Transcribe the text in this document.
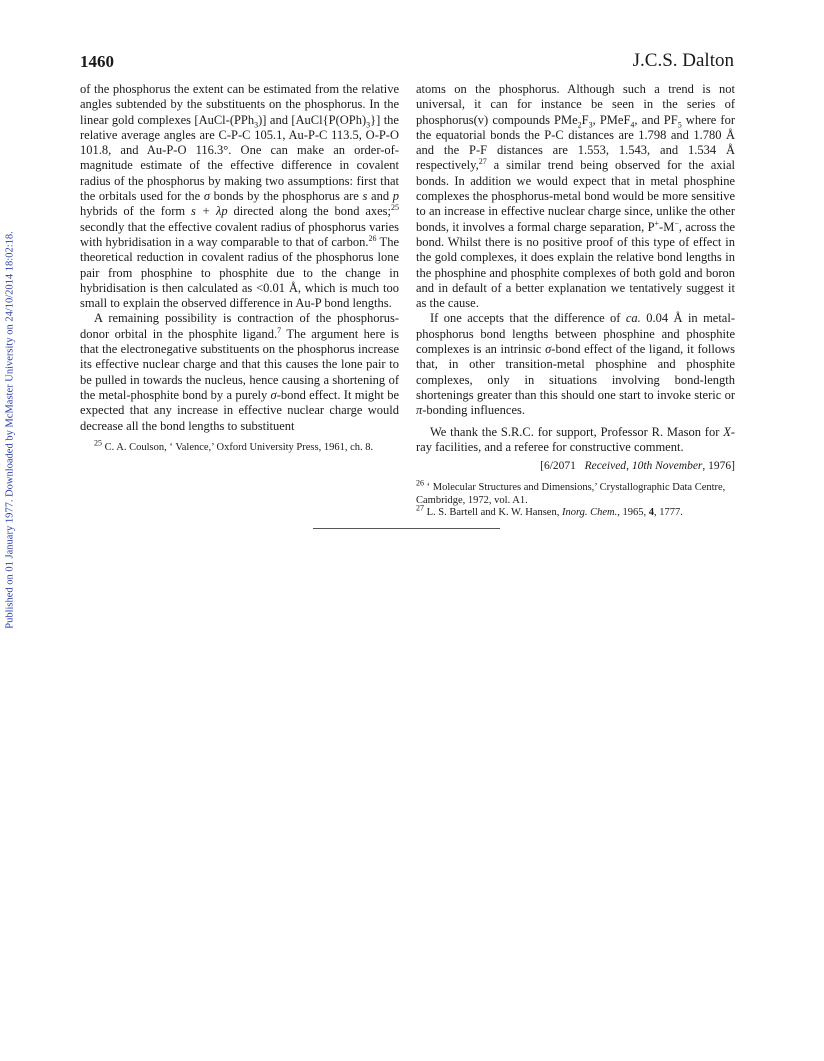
Published on 01 January 1977. Downloaded by McMaster University on 24/10/2014 18:02:18.
1460	J.C.S. Dalton

of the phosphorus the extent can be estimated from the relative angles subtended by the substituents on the phosphorus. In the linear gold complexes [AuCl-(PPh$_3$)] and $[AuCl\{P(OPh)_3\}]$ the relative average angles are C-P-C 105.1, Au-P-C 113.5, O-P-O 101.8, and Au-P-O 116.3°. One can make an order-of-magnitude estimate of the effective difference in covalent radius of the phosphorus by making two assumptions: first that the orbitals used for the σ bonds by the phosphorus are s and p hybrids of the form s + λp directed along the bond axes;$^{25}$ secondly that the effective covalent radius of phosphorus varies with hybridisation in a way comparable to that of carbon.$^{26}$ The theoretical reduction in covalent radius of the phosphorus lone pair from phosphine to phosphite due to the change in hybridisation is then calculated as <0.01 Å, which is much too small to explain the observed difference in Au-P bond lengths.

A remaining possibility is contraction of the phosphorus-donor orbital in the phosphite ligand.$^7$ The argument here is that the electronegative substituents on the phosphorus increase its effective nuclear charge and that this causes the lone pair to be pulled in towards the nucleus, hence causing a shortening of the metal-phosphite bond by a purely σ-bond effect. It might be expected that any increase in effective nuclear charge would decrease all the bond lengths to substituent

$^{25}$ C. A. Coulson, ‘ Valence,’ Oxford University Press, 1961, ch. 8.

atoms on the phosphorus. Although such a trend is not universal, it can for instance be seen in the series of phosphorus(v) compounds $PMe_2F_3$, PMeF$_4$, and $PF_5$ where for the equatorial bonds the P-C distances are 1.798 and 1.780 Å and the P-F distances are 1.553, 1.543, and 1.534 Å respectively,$^{27}$ a similar trend being observed for the axial bonds. In addition we would expect that in metal phosphine complexes the phosphorus-metal bond would be more sensitive to an increase in effective nuclear charge since, unlike the other bonds, it involves a formal charge separation, P+-M−, across the bond. Whilst there is no positive proof of this type of effect in the gold complexes, it does explain the relative bond lengths in the phosphine and phosphite complexes of both gold and boron and in default of a better explanation we tentatively suggest it as the cause.

If one accepts that the difference of ca. 0.04 Å in metal-phosphorus bond lengths between phosphine and phosphite complexes is an intrinsic σ-bond effect of the ligand, it follows that, in other transition-metal phosphine and phosphite complexes, only in situations involving bond-length shortenings greater than this should one start to invoke steric or π-bonding influences.

We thank the S.R.C. for support, Professor R. Mason for X-ray facilities, and a referee for constructive comment.

[6/2071 Received, 10th November, 1976]

$^{26}$ ‘ Molecular Structures and Dimensions,’ Crystallographic Data Centre, Cambridge, 1972, vol. A1.

$^{27}$ L. S. Bartell and K. W. Hansen, Inorg. Chem., 1965, 4, 1777.
